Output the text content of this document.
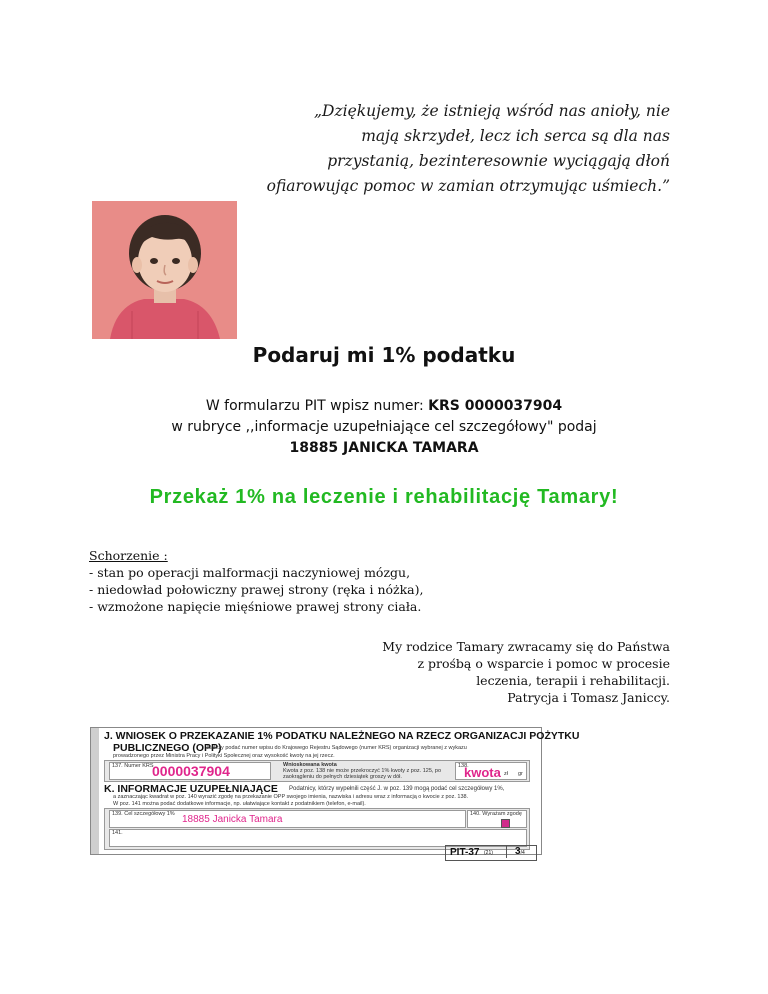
„Dziękujemy, że istnieją wśród nas anioły, nie
mają skrzydeł, lecz ich serca są dla nas
przystanią, bezinteresownie wyciągają dłoń
ofiarowując pomoc w zamian otrzymując uśmiech.”
Podaruj mi 1% podatku
W formularzu PIT wpisz numer: KRS 0000037904
w rubryce ,,informacje uzupełniające cel szczegółowy" podaj
18885 JANICKA TAMARA
Przekaż 1% na leczenie i rehabilitację Tamary!
Schorzenie :
- stan po operacji malformacji naczyniowej mózgu,
- niedowład połowiczny prawej strony (ręka i nóżka),
- wzmożone napięcie mięśniowe prawej strony ciała.
My rodzice Tamary zwracamy się do Państwa
z prośbą o wsparcie i pomoc w procesie
leczenia, terapii i rehabilitacji.
Patrycja i Tomasz Janiccy.
J. WNIOSEK O PRZEKAZANIE 1% PODATKU NALEŻNEGO NA RZECZ ORGANIZACJI POŻYTKU
PUBLICZNEGO (OPP)
Należy podać numer wpisu do Krajowego Rejestru Sądowego (numer KRS) organizacji wybranej z wykazu
prowadzonego przez Ministra Pracy i Polityki Społecznej oraz wysokość kwoty na jej rzecz.
137. Numer KRS
0000037904	Wnioskowana kwota
Kwota z poz. 138 nie może przekroczyć 1% kwoty z poz. 125, po
zaokrągleniu do pełnych dziesiątek groszy w dół.
138.
kwota zł gr
K. INFORMACJE UZUPEŁNIAJĄCE Podatnicy, którzy wypełnili część J. w poz. 139 mogą podać cel szczegółowy 1%,
a zaznaczając kwadrat w poz. 140 wyrazić zgodę na przekazanie OPP swojego imienia, nazwiska i adresu wraz z informacją o kwocie z poz. 138.
W poz. 141 można podać dodatkowe informacje, np. ułatwiające kontakt z podatnikiem (telefon, e-mail).
139. Cel szczegółowy 1% 18885 Janicka Tamara	140. Wyrażam zgodę
141.
PIT-37 (21)	3/4
